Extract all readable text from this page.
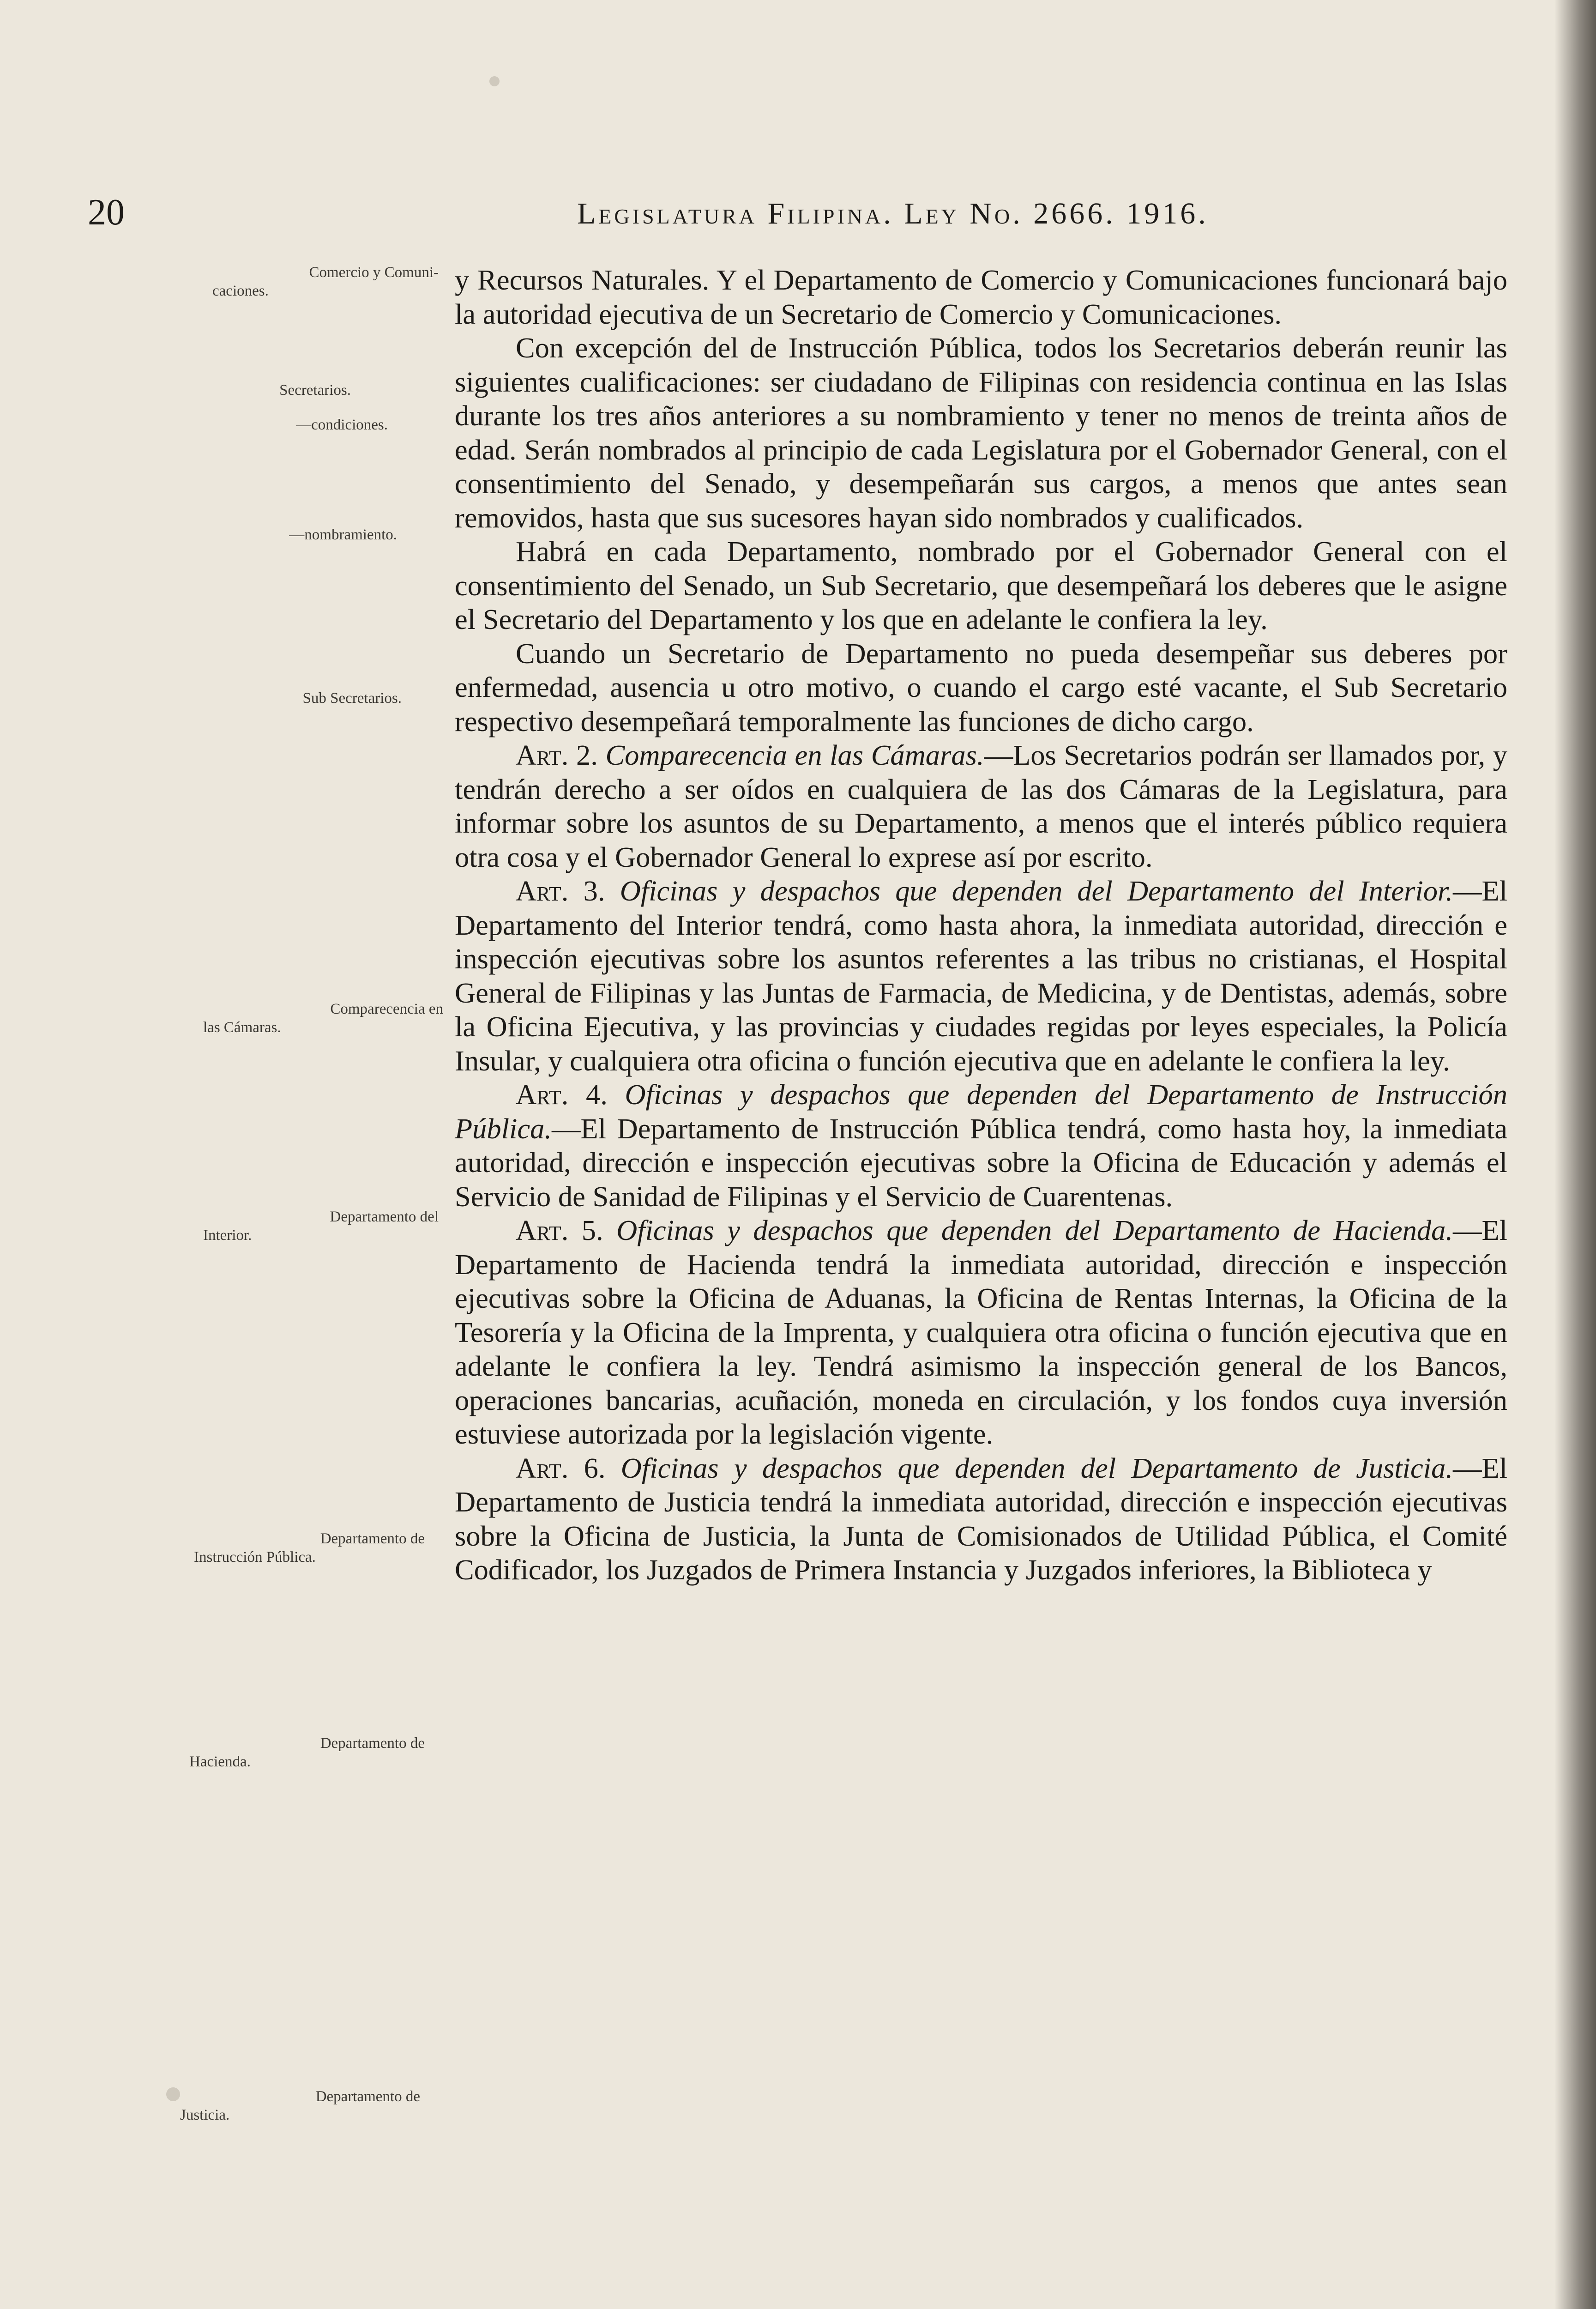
20	Legislatura Filipina. Ley No. 2666. 1916.
Comercio y Comuni-
caciones.
Secretarios.
—condiciones.
—nombramiento.
Sub Secretarios.
Comparecencia en
las Cámaras.
Departamento del
Interior.
Departamento de
Instrucción Pública.
Departamento de
Hacienda.
Departamento de
Justicia.

y Recursos Naturales. Y el Departamento de Comercio y Comunicaciones funcionará bajo la autoridad ejecutiva de un Secretario de Comercio y Comunicaciones.

Con excepción del de Instrucción Pública, todos los Secretarios deberán reunir las siguientes cualificaciones: ser ciudadano de Filipinas con residencia continua en las Islas durante los tres años anteriores a su nombramiento y tener no menos de treinta años de edad. Serán nombrados al principio de cada Legislatura por el Gobernador General, con el consentimiento del Senado, y desempeñarán sus cargos, a menos que antes sean removidos, hasta que sus sucesores hayan sido nombrados y cualificados.

Habrá en cada Departamento, nombrado por el Gobernador General con el consentimiento del Senado, un Sub Secretario, que desempeñará los deberes que le asigne el Secretario del Departamento y los que en adelante le confiera la ley.

Cuando un Secretario de Departamento no pueda desempeñar sus deberes por enfermedad, ausencia u otro motivo, o cuando el cargo esté vacante, el Sub Secretario respectivo desempeñará temporalmente las funciones de dicho cargo.

Art. 2. Comparecencia en las Cámaras.—Los Secretarios podrán ser llamados por, y tendrán derecho a ser oídos en cualquiera de las dos Cámaras de la Legislatura, para informar sobre los asuntos de su Departamento, a menos que el interés público requiera otra cosa y el Gobernador General lo exprese así por escrito.

Art. 3. Oficinas y despachos que dependen del Departamento del Interior.—El Departamento del Interior tendrá, como hasta ahora, la inmediata autoridad, dirección e inspección ejecutivas sobre los asuntos referentes a las tribus no cristianas, el Hospital General de Filipinas y las Juntas de Farmacia, de Medicina, y de Dentistas, además, sobre la Oficina Ejecutiva, y las provincias y ciudades regidas por leyes especiales, la Policía Insular, y cualquiera otra oficina o función ejecutiva que en adelante le confiera la ley.

Art. 4. Oficinas y despachos que dependen del Departamento de Instrucción Pública.—El Departamento de Instrucción Pública tendrá, como hasta hoy, la inmediata autoridad, dirección e inspección ejecutivas sobre la Oficina de Educación y además el Servicio de Sanidad de Filipinas y el Servicio de Cuarentenas.

Art. 5. Oficinas y despachos que dependen del Departamento de Hacienda.—El Departamento de Hacienda tendrá la inmediata autoridad, dirección e inspección ejecutivas sobre la Oficina de Aduanas, la Oficina de Rentas Internas, la Oficina de la Tesorería y la Oficina de la Imprenta, y cualquiera otra oficina o función ejecutiva que en adelante le confiera la ley. Tendrá asimismo la inspección general de los Bancos, operaciones bancarias, acuñación, moneda en circulación, y los fondos cuya inversión estuviese autorizada por la legislación vigente.

Art. 6. Oficinas y despachos que dependen del Departamento de Justicia.—El Departamento de Justicia tendrá la inmediata autoridad, dirección e inspección ejecutivas sobre la Oficina de Justicia, la Junta de Comisionados de Utilidad Pública, el Comité Codificador, los Juzgados de Primera Instancia y Juzgados inferiores, la Biblioteca y
